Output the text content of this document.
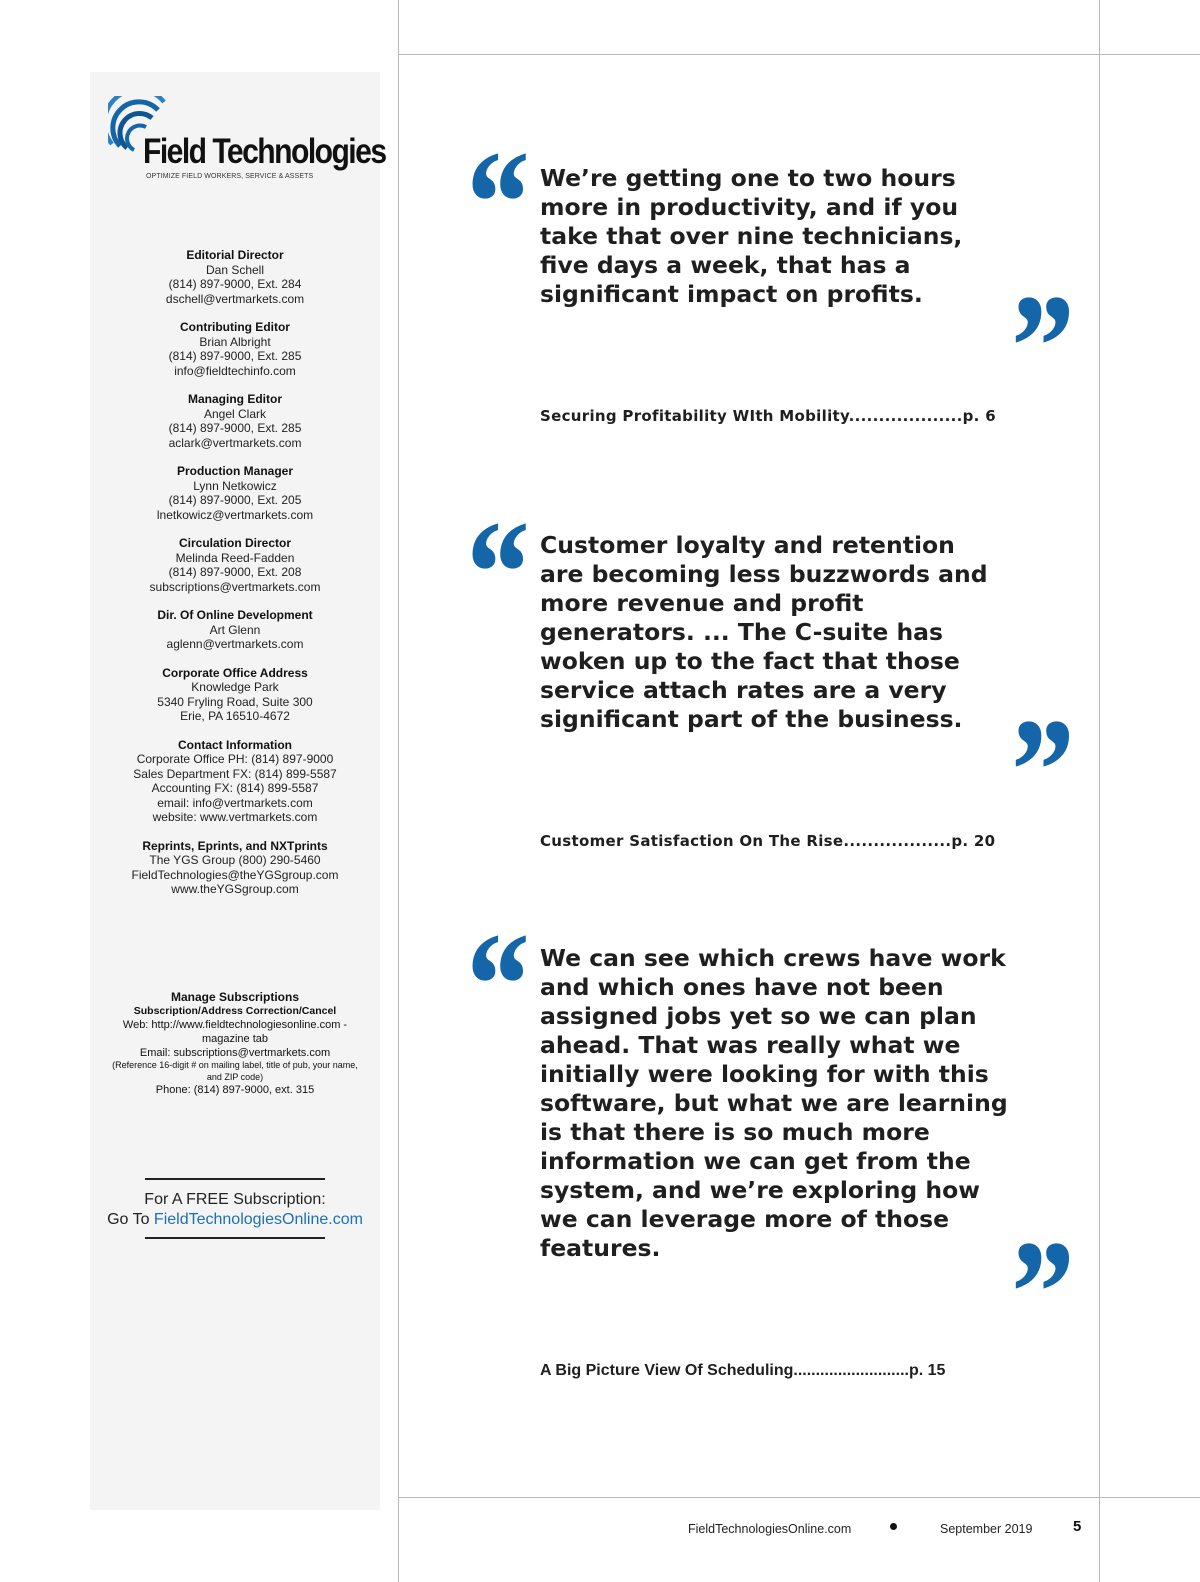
Field Technologies
OPTIMIZE FIELD WORKERS, SERVICE & ASSETS
Editorial Director
Dan Schell
(814) 897-9000, Ext. 284
dschell@vertmarkets.com
Contributing Editor
Brian Albright
(814) 897-9000, Ext. 285
info@fieldtechinfo.com
Managing Editor
Angel Clark
(814) 897-9000, Ext. 285
aclark@vertmarkets.com
Production Manager
Lynn Netkowicz
(814) 897-9000, Ext. 205
lnetkowicz@vertmarkets.com
Circulation Director
Melinda Reed-Fadden
(814) 897-9000, Ext. 208
subscriptions@vertmarkets.com
Dir. Of Online Development
Art Glenn
aglenn@vertmarkets.com
Corporate Office Address
Knowledge Park
5340 Fryling Road, Suite 300
Erie, PA 16510-4672
Contact Information
Corporate Office PH: (814) 897-9000
Sales Department FX: (814) 899-5587
Accounting FX: (814) 899-5587
email: info@vertmarkets.com
website: www.vertmarkets.com
Reprints, Eprints, and NXTprints
The YGS Group (800) 290-5460
FieldTechnologies@theYGSgroup.com
www.theYGSgroup.com
Manage Subscriptions
Subscription/Address Correction/Cancel
Web: http://www.fieldtechnologiesonline.com -
magazine tab
Email: subscriptions@vertmarkets.com
(Reference 16-digit # on mailing label, title of pub, your name, and ZIP code)
Phone: (814) 897-9000, ext. 315
For A FREE Subscription:
Go To FieldTechnologiesOnline.com
“ We’re getting one to two hours more in productivity, and if you take that over nine technicians, five days a week, that has a significant impact on profits. ”
Securing Profitability WIth Mobility...................p. 6
“ Customer loyalty and retention are becoming less buzzwords and more revenue and profit generators. ... The C-suite has woken up to the fact that those service attach rates are a very significant part of the business. ”
Customer Satisfaction On The Rise..................p. 20
“ We can see which crews have work and which ones have not been assigned jobs yet so we can plan ahead. That was really what we initially were looking for with this software, but what we are learning is that there is so much more information we can get from the system, and we’re exploring how we can leverage more of those features.	”
A Big Picture View Of Scheduling..........................p. 15
FieldTechnologiesOnline.com	September 2019	5
